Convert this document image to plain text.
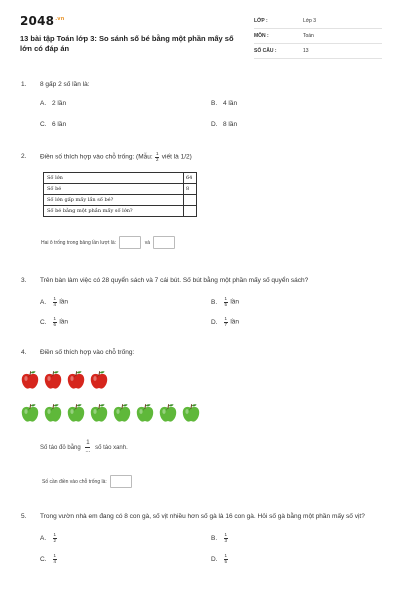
$2048^{.vn}$
13 bài tập Toán lớp 3: So sánh số bé bằng một phần mấy số lớn có đáp án
LỚP :	Lớp 3
MÔN :	Toán
SỐ CÂU :	13
1. 8 gấp 2 số lần là:
A. 2 lần	B. 4 lần
C. 6 lần	D. 8 lần
2. Điền số thích hợp vào chỗ trống: (Mẫu: $\frac{1}{2}$ viết là 1/2)
Số lớn	64
Số bé	8
Số lớn gấp mấy lần số bé?	
Số bé bằng một phần mấy số lớn?	
Hai ô trống trong bảng lần lượt là:	và
3. Trên bàn làm việc có 28 quyển sách và 7 cái bút. Số bút bằng một phần mấy số quyển sách?
A. $\frac{1}{4}$ lần	B. $\frac{1}{5}$ lần
C. $\frac{1}{6}$ lần	D. $\frac{1}{7}$ lần
4. Điền số thích hợp vào chỗ trống:
Số táo đỏ bằng $\frac{1}{...}$ số táo xanh.
Số cần điền vào chỗ trống là:
5. Trong vườn nhà em đang có 8 con gà, số vịt nhiều hơn số gà là 16 con gà. Hỏi số gà bằng một phần mấy số vịt?
A. $\frac{1}{2}$	B. $\frac{1}{3}$
C. $\frac{1}{4}$	D. $\frac{1}{5}$
